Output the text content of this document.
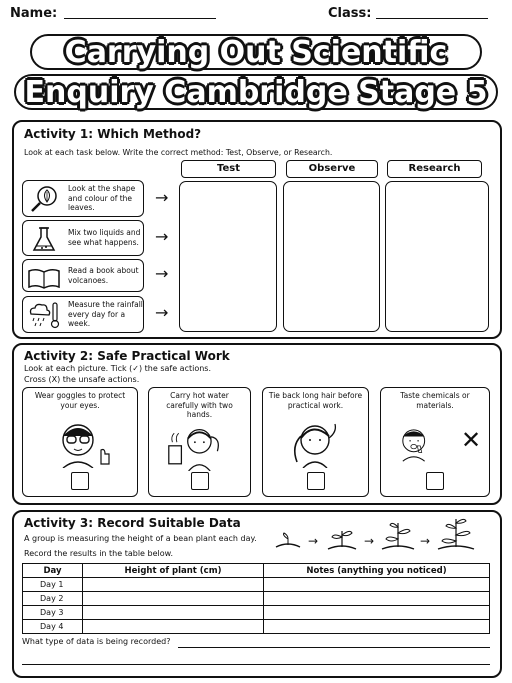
Name:	Class:
Carrying Out Scientific
Enquiry Cambridge Stage 5
Activity 1: Which Method?
Look at each task below. Write the correct method: Test, Observe, or Research.
Test	Observe	Research
Look at the shape and colour of the leaves.
Mix two liquids and see what happens.
Read a book about volcanoes.
Measure the rainfall every day for a week.
→
→
→
→
Activity 2: Safe Practical Work
Look at each picture. Tick (✓) the safe actions.
Cross (X) the unsafe actions.
Wear goggles to protect your eyes.
Carry hot water carefully with two hands.
Tie back long hair before practical work.
Taste chemicals or materials.
✕
Activity 3: Record Suitable Data
A group is measuring the height of a bean plant each day.
Record the results in the table below.
→	→	→
Day	Height of plant (cm)	Notes (anything you noticed)
Day 1		
Day 2		
Day 3		
Day 4		
What type of data is being recorded?
